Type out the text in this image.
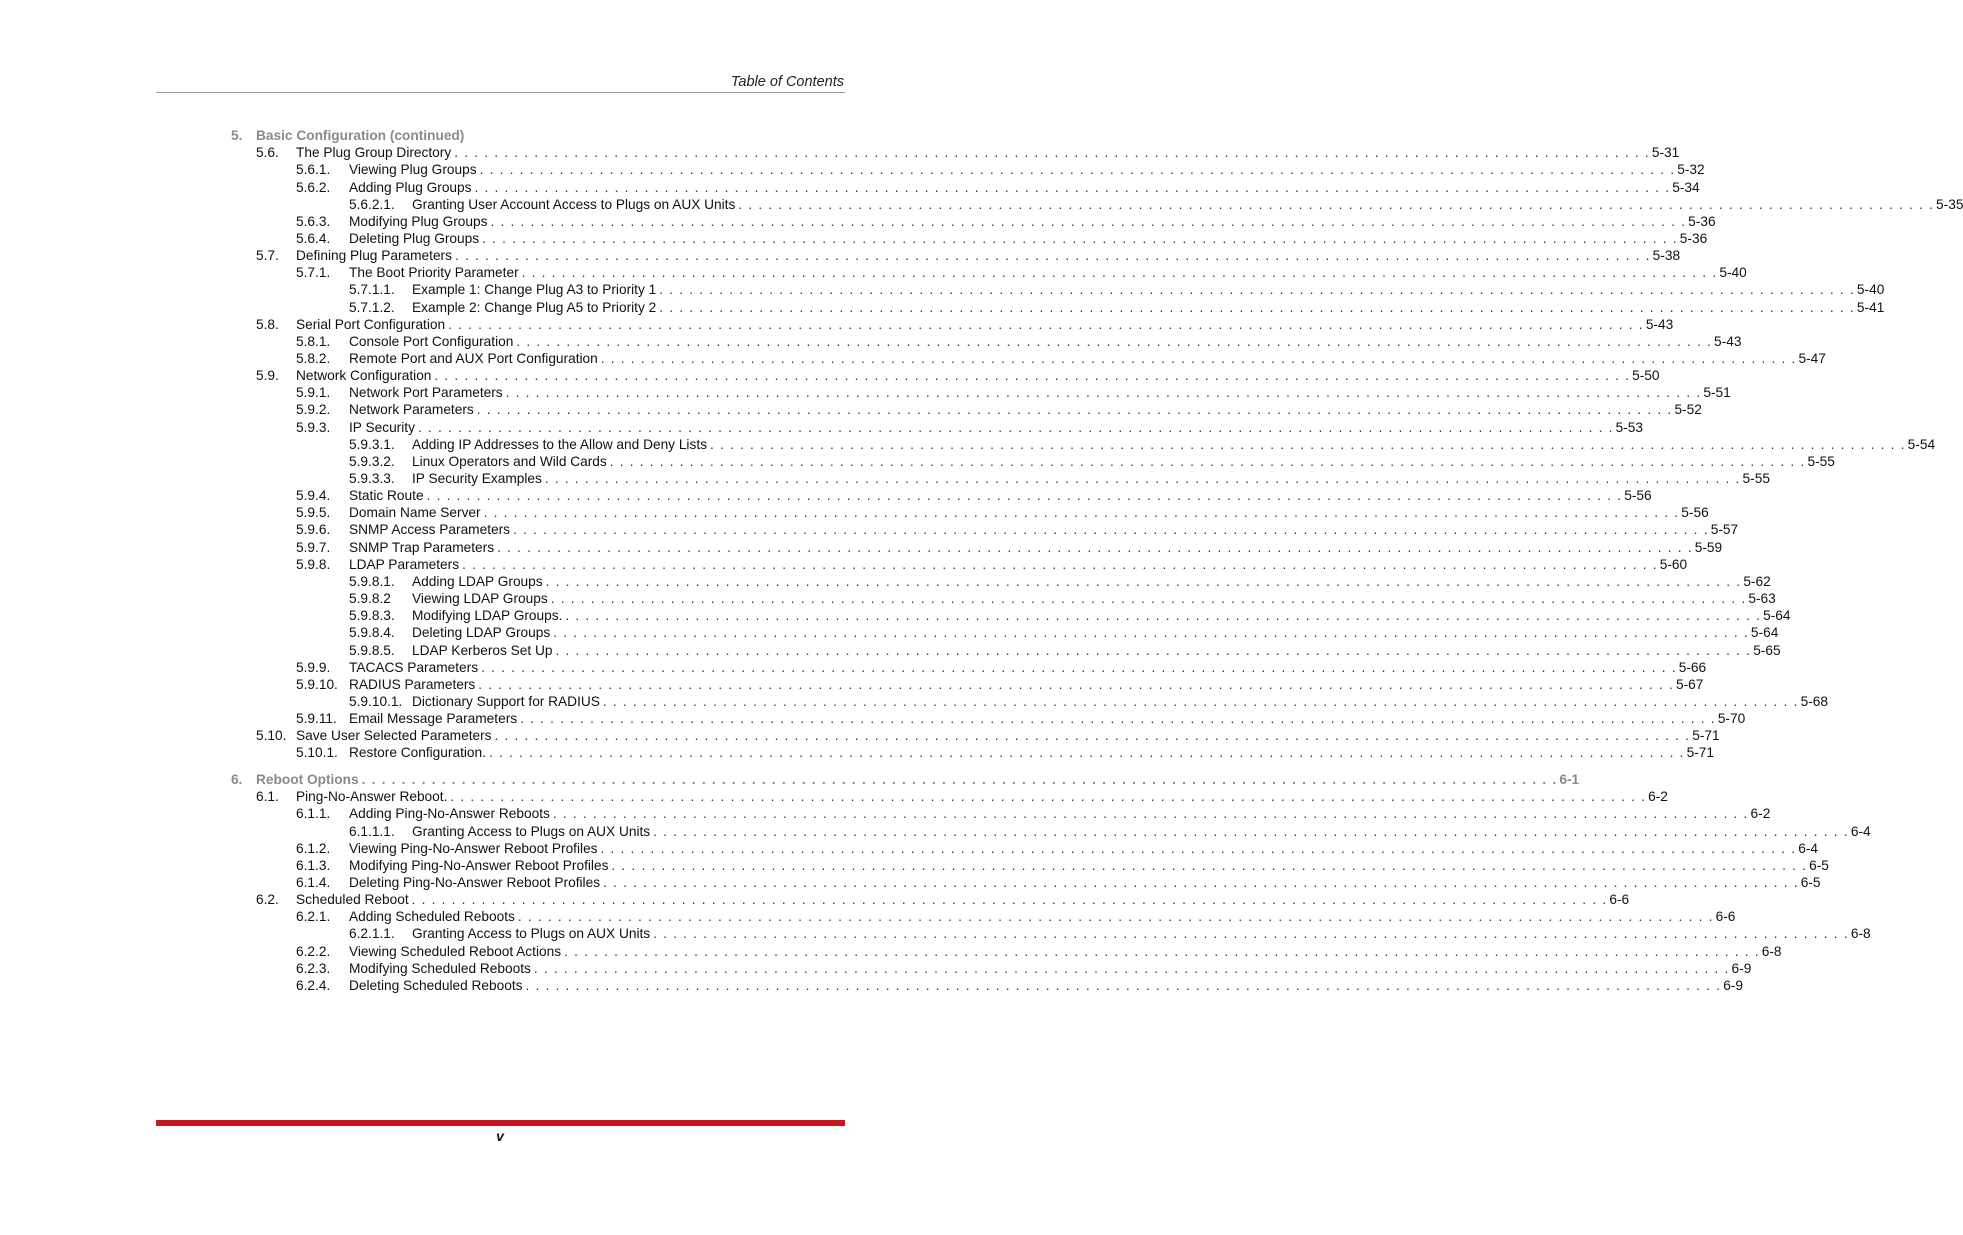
Table of Contents
5. Basic Configuration (continued)
5.6. The Plug Group Directory . . . . . . . . . . . . . . . . . . . . . . . . . . . . . . . . . . . . . . . . . . . . . . . . . . . . . . . . . . . . . . . . . . . . . . . . . . . . . . . . . . . . . . . . . . . . . . . . . . . . . . . . . . . . . . . . . . . . . . . . 5-31
5.6.1. Viewing Plug Groups . . . . . . . . . . . . . . . . . . . . . . . . . . . . . . . . . . . . . . . . . . . . . . . . . . . . . . . . . . . . . . . . . . . . . . . . . . . . . . . . . . . . . . . . . . . . . . . . . . . . . . . . . . . . . . . . . . . . . . . . 5-32
5.6.2. Adding Plug Groups . . . . . . . . . . . . . . . . . . . . . . . . . . . . . . . . . . . . . . . . . . . . . . . . . . . . . . . . . . . . . . . . . . . . . . . . . . . . . . . . . . . . . . . . . . . . . . . . . . . . . . . . . . . . . . . . . . . . . . . . 5-34
5.6.2.1. Granting User Account Access to Plugs on AUX Units . . . . . . . . . . . . . . . . . . . . . . . . . . . . . . . . . . . . . . . . . . . . . . . . . . . . . . . . . . . . . . . . . . . . . . . . . . . . . . . . . . . . . . . . . . . . . . . . . . . . . . . . . . . . . . . . . . . . . . . . 5-35
5.6.3. Modifying Plug Groups . . . . . . . . . . . . . . . . . . . . . . . . . . . . . . . . . . . . . . . . . . . . . . . . . . . . . . . . . . . . . . . . . . . . . . . . . . . . . . . . . . . . . . . . . . . . . . . . . . . . . . . . . . . . . . . . . . . . . . . . 5-36
5.6.4. Deleting Plug Groups . . . . . . . . . . . . . . . . . . . . . . . . . . . . . . . . . . . . . . . . . . . . . . . . . . . . . . . . . . . . . . . . . . . . . . . . . . . . . . . . . . . . . . . . . . . . . . . . . . . . . . . . . . . . . . . . . . . . . . . . 5-36
5.7. Defining Plug Parameters . . . . . . . . . . . . . . . . . . . . . . . . . . . . . . . . . . . . . . . . . . . . . . . . . . . . . . . . . . . . . . . . . . . . . . . . . . . . . . . . . . . . . . . . . . . . . . . . . . . . . . . . . . . . . . . . . . . . . . . . 5-38
5.7.1. The Boot Priority Parameter . . . . . . . . . . . . . . . . . . . . . . . . . . . . . . . . . . . . . . . . . . . . . . . . . . . . . . . . . . . . . . . . . . . . . . . . . . . . . . . . . . . . . . . . . . . . . . . . . . . . . . . . . . . . . . . . . . . . . . . . 5-40
5.7.1.1. Example 1: Change Plug A3 to Priority 1 . . . . . . . . . . . . . . . . . . . . . . . . . . . . . . . . . . . . . . . . . . . . . . . . . . . . . . . . . . . . . . . . . . . . . . . . . . . . . . . . . . . . . . . . . . . . . . . . . . . . . . . . . . . . . . . . . . . . . . . . 5-40
5.7.1.2. Example 2: Change Plug A5 to Priority 2 . . . . . . . . . . . . . . . . . . . . . . . . . . . . . . . . . . . . . . . . . . . . . . . . . . . . . . . . . . . . . . . . . . . . . . . . . . . . . . . . . . . . . . . . . . . . . . . . . . . . . . . . . . . . . . . . . . . . . . . . 5-41
5.8. Serial Port Configuration . . . . . . . . . . . . . . . . . . . . . . . . . . . . . . . . . . . . . . . . . . . . . . . . . . . . . . . . . . . . . . . . . . . . . . . . . . . . . . . . . . . . . . . . . . . . . . . . . . . . . . . . . . . . . . . . . . . . . . . . 5-43
5.8.1. Console Port Configuration . . . . . . . . . . . . . . . . . . . . . . . . . . . . . . . . . . . . . . . . . . . . . . . . . . . . . . . . . . . . . . . . . . . . . . . . . . . . . . . . . . . . . . . . . . . . . . . . . . . . . . . . . . . . . . . . . . . . . . . . 5-43
5.8.2. Remote Port and AUX Port Configuration . . . . . . . . . . . . . . . . . . . . . . . . . . . . . . . . . . . . . . . . . . . . . . . . . . . . . . . . . . . . . . . . . . . . . . . . . . . . . . . . . . . . . . . . . . . . . . . . . . . . . . . . . . . . . . . . . . . . . . . . 5-47
5.9. Network Configuration . . . . . . . . . . . . . . . . . . . . . . . . . . . . . . . . . . . . . . . . . . . . . . . . . . . . . . . . . . . . . . . . . . . . . . . . . . . . . . . . . . . . . . . . . . . . . . . . . . . . . . . . . . . . . . . . . . . . . . . . 5-50
5.9.1. Network Port Parameters . . . . . . . . . . . . . . . . . . . . . . . . . . . . . . . . . . . . . . . . . . . . . . . . . . . . . . . . . . . . . . . . . . . . . . . . . . . . . . . . . . . . . . . . . . . . . . . . . . . . . . . . . . . . . . . . . . . . . . . . 5-51
5.9.2. Network Parameters . . . . . . . . . . . . . . . . . . . . . . . . . . . . . . . . . . . . . . . . . . . . . . . . . . . . . . . . . . . . . . . . . . . . . . . . . . . . . . . . . . . . . . . . . . . . . . . . . . . . . . . . . . . . . . . . . . . . . . . . 5-52
5.9.3. IP Security . . . . . . . . . . . . . . . . . . . . . . . . . . . . . . . . . . . . . . . . . . . . . . . . . . . . . . . . . . . . . . . . . . . . . . . . . . . . . . . . . . . . . . . . . . . . . . . . . . . . . . . . . . . . . . . . . . . . . . . . 5-53
5.9.3.1. Adding IP Addresses to the Allow and Deny Lists . . . . . . . . . . . . . . . . . . . . . . . . . . . . . . . . . . . . . . . . . . . . . . . . . . . . . . . . . . . . . . . . . . . . . . . . . . . . . . . . . . . . . . . . . . . . . . . . . . . . . . . . . . . . . . . . . . . . . . . . 5-54
5.9.3.2. Linux Operators and Wild Cards . . . . . . . . . . . . . . . . . . . . . . . . . . . . . . . . . . . . . . . . . . . . . . . . . . . . . . . . . . . . . . . . . . . . . . . . . . . . . . . . . . . . . . . . . . . . . . . . . . . . . . . . . . . . . . . . . . . . . . . . 5-55
5.9.3.3. IP Security Examples . . . . . . . . . . . . . . . . . . . . . . . . . . . . . . . . . . . . . . . . . . . . . . . . . . . . . . . . . . . . . . . . . . . . . . . . . . . . . . . . . . . . . . . . . . . . . . . . . . . . . . . . . . . . . . . . . . . . . . . . 5-55
5.9.4. Static Route . . . . . . . . . . . . . . . . . . . . . . . . . . . . . . . . . . . . . . . . . . . . . . . . . . . . . . . . . . . . . . . . . . . . . . . . . . . . . . . . . . . . . . . . . . . . . . . . . . . . . . . . . . . . . . . . . . . . . . . . 5-56
5.9.5. Domain Name Server . . . . . . . . . . . . . . . . . . . . . . . . . . . . . . . . . . . . . . . . . . . . . . . . . . . . . . . . . . . . . . . . . . . . . . . . . . . . . . . . . . . . . . . . . . . . . . . . . . . . . . . . . . . . . . . . . . . . . . . . 5-56
5.9.6. SNMP Access Parameters . . . . . . . . . . . . . . . . . . . . . . . . . . . . . . . . . . . . . . . . . . . . . . . . . . . . . . . . . . . . . . . . . . . . . . . . . . . . . . . . . . . . . . . . . . . . . . . . . . . . . . . . . . . . . . . . . . . . . . . . 5-57
5.9.7. SNMP Trap Parameters . . . . . . . . . . . . . . . . . . . . . . . . . . . . . . . . . . . . . . . . . . . . . . . . . . . . . . . . . . . . . . . . . . . . . . . . . . . . . . . . . . . . . . . . . . . . . . . . . . . . . . . . . . . . . . . . . . . . . . . . 5-59
5.9.8. LDAP Parameters . . . . . . . . . . . . . . . . . . . . . . . . . . . . . . . . . . . . . . . . . . . . . . . . . . . . . . . . . . . . . . . . . . . . . . . . . . . . . . . . . . . . . . . . . . . . . . . . . . . . . . . . . . . . . . . . . . . . . . . . 5-60
5.9.8.1. Adding LDAP Groups . . . . . . . . . . . . . . . . . . . . . . . . . . . . . . . . . . . . . . . . . . . . . . . . . . . . . . . . . . . . . . . . . . . . . . . . . . . . . . . . . . . . . . . . . . . . . . . . . . . . . . . . . . . . . . . . . . . . . . . . 5-62
5.9.8.2 Viewing LDAP Groups . . . . . . . . . . . . . . . . . . . . . . . . . . . . . . . . . . . . . . . . . . . . . . . . . . . . . . . . . . . . . . . . . . . . . . . . . . . . . . . . . . . . . . . . . . . . . . . . . . . . . . . . . . . . . . . . . . . . . . . . 5-63
5.9.8.3. Modifying LDAP Groups. . . . . . . . . . . . . . . . . . . . . . . . . . . . . . . . . . . . . . . . . . . . . . . . . . . . . . . . . . . . . . . . . . . . . . . . . . . . . . . . . . . . . . . . . . . . . . . . . . . . . . . . . . . . . . . . . . . . . . . . . 5-64
5.9.8.4. Deleting LDAP Groups . . . . . . . . . . . . . . . . . . . . . . . . . . . . . . . . . . . . . . . . . . . . . . . . . . . . . . . . . . . . . . . . . . . . . . . . . . . . . . . . . . . . . . . . . . . . . . . . . . . . . . . . . . . . . . . . . . . . . . . . 5-64
5.9.8.5. LDAP Kerberos Set Up . . . . . . . . . . . . . . . . . . . . . . . . . . . . . . . . . . . . . . . . . . . . . . . . . . . . . . . . . . . . . . . . . . . . . . . . . . . . . . . . . . . . . . . . . . . . . . . . . . . . . . . . . . . . . . . . . . . . . . . . 5-65
5.9.9. TACACS Parameters . . . . . . . . . . . . . . . . . . . . . . . . . . . . . . . . . . . . . . . . . . . . . . . . . . . . . . . . . . . . . . . . . . . . . . . . . . . . . . . . . . . . . . . . . . . . . . . . . . . . . . . . . . . . . . . . . . . . . . . . 5-66
5.9.10. RADIUS Parameters . . . . . . . . . . . . . . . . . . . . . . . . . . . . . . . . . . . . . . . . . . . . . . . . . . . . . . . . . . . . . . . . . . . . . . . . . . . . . . . . . . . . . . . . . . . . . . . . . . . . . . . . . . . . . . . . . . . . . . . . 5-67
5.9.10.1. Dictionary Support for RADIUS . . . . . . . . . . . . . . . . . . . . . . . . . . . . . . . . . . . . . . . . . . . . . . . . . . . . . . . . . . . . . . . . . . . . . . . . . . . . . . . . . . . . . . . . . . . . . . . . . . . . . . . . . . . . . . . . . . . . . . . . 5-68
5.9.11. Email Message Parameters . . . . . . . . . . . . . . . . . . . . . . . . . . . . . . . . . . . . . . . . . . . . . . . . . . . . . . . . . . . . . . . . . . . . . . . . . . . . . . . . . . . . . . . . . . . . . . . . . . . . . . . . . . . . . . . . . . . . . . . . 5-70
5.10. Save User Selected Parameters . . . . . . . . . . . . . . . . . . . . . . . . . . . . . . . . . . . . . . . . . . . . . . . . . . . . . . . . . . . . . . . . . . . . . . . . . . . . . . . . . . . . . . . . . . . . . . . . . . . . . . . . . . . . . . . . . . . . . . . . 5-71
5.10.1. Restore Configuration. . . . . . . . . . . . . . . . . . . . . . . . . . . . . . . . . . . . . . . . . . . . . . . . . . . . . . . . . . . . . . . . . . . . . . . . . . . . . . . . . . . . . . . . . . . . . . . . . . . . . . . . . . . . . . . . . . . . . . . . . 5-71
6. Reboot Options . . . . . . . . . . . . . . . . . . . . . . . . . . . . . . . . . . . . . . . . . . . . . . . . . . . . . . . . . . . . . . . . . . . . . . . . . . . . . . . . . . . . . . . . . . . . . . . . . . . . . . . . . . . . . . . . . . . . . . . . 6-1
6.1. Ping-No-Answer Reboot. . . . . . . . . . . . . . . . . . . . . . . . . . . . . . . . . . . . . . . . . . . . . . . . . . . . . . . . . . . . . . . . . . . . . . . . . . . . . . . . . . . . . . . . . . . . . . . . . . . . . . . . . . . . . . . . . . . . . . . . . 6-2
6.1.1. Adding Ping-No-Answer Reboots . . . . . . . . . . . . . . . . . . . . . . . . . . . . . . . . . . . . . . . . . . . . . . . . . . . . . . . . . . . . . . . . . . . . . . . . . . . . . . . . . . . . . . . . . . . . . . . . . . . . . . . . . . . . . . . . . . . . . . . . 6-2
6.1.1.1. Granting Access to Plugs on AUX Units . . . . . . . . . . . . . . . . . . . . . . . . . . . . . . . . . . . . . . . . . . . . . . . . . . . . . . . . . . . . . . . . . . . . . . . . . . . . . . . . . . . . . . . . . . . . . . . . . . . . . . . . . . . . . . . . . . . . . . . . 6-4
6.1.2. Viewing Ping-No-Answer Reboot Profiles . . . . . . . . . . . . . . . . . . . . . . . . . . . . . . . . . . . . . . . . . . . . . . . . . . . . . . . . . . . . . . . . . . . . . . . . . . . . . . . . . . . . . . . . . . . . . . . . . . . . . . . . . . . . . . . . . . . . . . . . 6-4
6.1.3. Modifying Ping-No-Answer Reboot Profiles . . . . . . . . . . . . . . . . . . . . . . . . . . . . . . . . . . . . . . . . . . . . . . . . . . . . . . . . . . . . . . . . . . . . . . . . . . . . . . . . . . . . . . . . . . . . . . . . . . . . . . . . . . . . . . . . . . . . . . . . 6-5
6.1.4. Deleting Ping-No-Answer Reboot Profiles . . . . . . . . . . . . . . . . . . . . . . . . . . . . . . . . . . . . . . . . . . . . . . . . . . . . . . . . . . . . . . . . . . . . . . . . . . . . . . . . . . . . . . . . . . . . . . . . . . . . . . . . . . . . . . . . . . . . . . . . 6-5
6.2. Scheduled Reboot . . . . . . . . . . . . . . . . . . . . . . . . . . . . . . . . . . . . . . . . . . . . . . . . . . . . . . . . . . . . . . . . . . . . . . . . . . . . . . . . . . . . . . . . . . . . . . . . . . . . . . . . . . . . . . . . . . . . . . . . 6-6
6.2.1. Adding Scheduled Reboots . . . . . . . . . . . . . . . . . . . . . . . . . . . . . . . . . . . . . . . . . . . . . . . . . . . . . . . . . . . . . . . . . . . . . . . . . . . . . . . . . . . . . . . . . . . . . . . . . . . . . . . . . . . . . . . . . . . . . . . . 6-6
6.2.1.1. Granting Access to Plugs on AUX Units . . . . . . . . . . . . . . . . . . . . . . . . . . . . . . . . . . . . . . . . . . . . . . . . . . . . . . . . . . . . . . . . . . . . . . . . . . . . . . . . . . . . . . . . . . . . . . . . . . . . . . . . . . . . . . . . . . . . . . . . 6-8
6.2.2. Viewing Scheduled Reboot Actions . . . . . . . . . . . . . . . . . . . . . . . . . . . . . . . . . . . . . . . . . . . . . . . . . . . . . . . . . . . . . . . . . . . . . . . . . . . . . . . . . . . . . . . . . . . . . . . . . . . . . . . . . . . . . . . . . . . . . . . . 6-8
6.2.3. Modifying Scheduled Reboots . . . . . . . . . . . . . . . . . . . . . . . . . . . . . . . . . . . . . . . . . . . . . . . . . . . . . . . . . . . . . . . . . . . . . . . . . . . . . . . . . . . . . . . . . . . . . . . . . . . . . . . . . . . . . . . . . . . . . . . . 6-9
6.2.4. Deleting Scheduled Reboots . . . . . . . . . . . . . . . . . . . . . . . . . . . . . . . . . . . . . . . . . . . . . . . . . . . . . . . . . . . . . . . . . . . . . . . . . . . . . . . . . . . . . . . . . . . . . . . . . . . . . . . . . . . . . . . . . . . . . . . . 6-9
v
